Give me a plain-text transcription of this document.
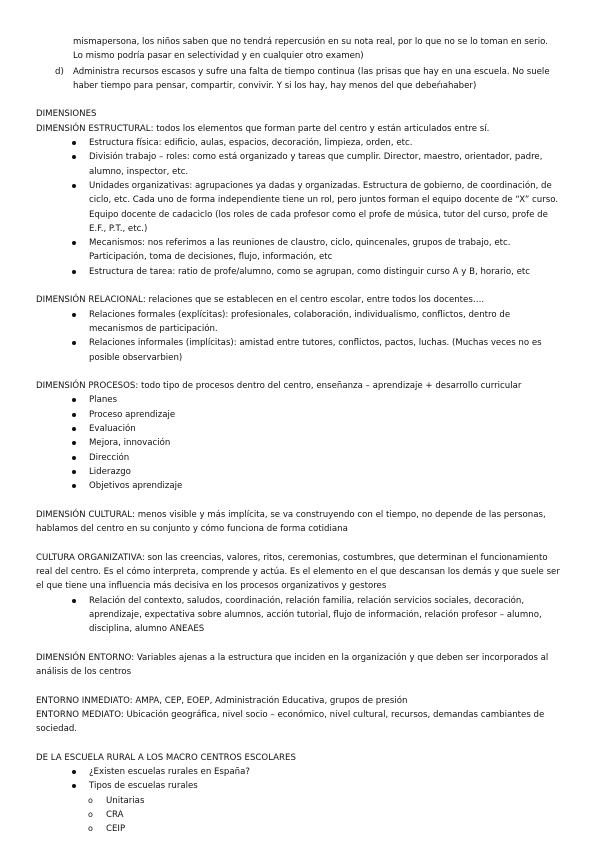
mismapersona, los niños saben que no tendrá repercusión en su nota real, por lo que no se lo toman en serio. Lo mismo podría pasar en selectividad y en cualquier otro examen)

d)	Administra recursos escasos y sufre una falta de tiempo continua (las prisas que hay en una escuela. No suele haber tiempo para pensar, compartir, convivir. Y si los hay, hay menos del que debeŕıahaber)

DIMENSIONES

DIMENSIÓN ESTRUCTURAL: todos los elementos que forman parte del centro y están articulados entre sí.

Estructura física: edificio, aulas, espacios, decoración, limpieza, orden, etc.
División trabajo – roles: como está organizado y tareas que cumplir. Director, maestro, orientador, padre, alumno, inspector, etc.
Unidades organizativas: agrupaciones ya dadas y organizadas. Estructura de gobierno, de coordinación, de ciclo, etc. Cada uno de forma independiente tiene un rol, pero juntos forman el equipo docente de “X” curso. Equipo docente de cadaciclo (los roles de cada profesor como el profe de música, tutor del curso, profe de E.F., P.T., etc.)
Mecanismos: nos referimos a las reuniones de claustro, ciclo, quincenales, grupos de trabajo, etc. Participación, toma de decisiones, flujo, información, etc
Estructura de tarea: ratio de profe/alumno, como se agrupan, como distinguir curso A y B, horario, etc

DIMENSIÓN RELACIONAL: relaciones que se establecen en el centro escolar, entre todos los docentes….

Relaciones formales (explícitas): profesionales, colaboración, individualismo, conflictos, dentro de mecanismos de participación.
Relaciones informales (implícitas): amistad entre tutores, conflictos, pactos, luchas. (Muchas veces no es posible observarbien)

DIMENSIÓN PROCESOS: todo tipo de procesos dentro del centro, enseñanza – aprendizaje + desarrollo curricular

Planes
Proceso aprendizaje
Evaluación
Mejora, innovación
Dirección
Liderazgo
Objetivos aprendizaje

DIMENSIÓN CULTURAL: menos visible y más implícita, se va construyendo con el tiempo, no depende de las personas, hablamos del centro en su conjunto y cómo funciona de forma cotidiana

CULTURA ORGANIZATIVA: son las creencias, valores, ritos, ceremonias, costumbres, que determinan el funcionamiento real del centro. Es el cómo interpreta, comprende y actúa. Es el elemento en el que descansan los demás y que suele ser el que tiene una influencia más decisiva en los procesos organizativos y gestores

Relación del contexto, saludos, coordinación, relación familia, relación servicios sociales, decoración, aprendizaje, expectativa sobre alumnos, acción tutorial, flujo de información, relación profesor – alumno, disciplina, alumno ANEAES

DIMENSIÓN ENTORNO: Variables ajenas a la estructura que inciden en la organización y que deben ser incorporados al análisis de los centros

ENTORNO INMEDIATO: AMPA, CEP, EOEP, Administración Educativa, grupos de presión

ENTORNO MEDIATO: Ubicación geográfica, nivel socio – económico, nivel cultural, recursos, demandas cambiantes de sociedad.

DE LA ESCUELA RURAL A LOS MACRO CENTROS ESCOLARES

¿Existen escuelas rurales en España?
Tipos de escuelas rurales
o Unitarias
o CRA
o CEIP
